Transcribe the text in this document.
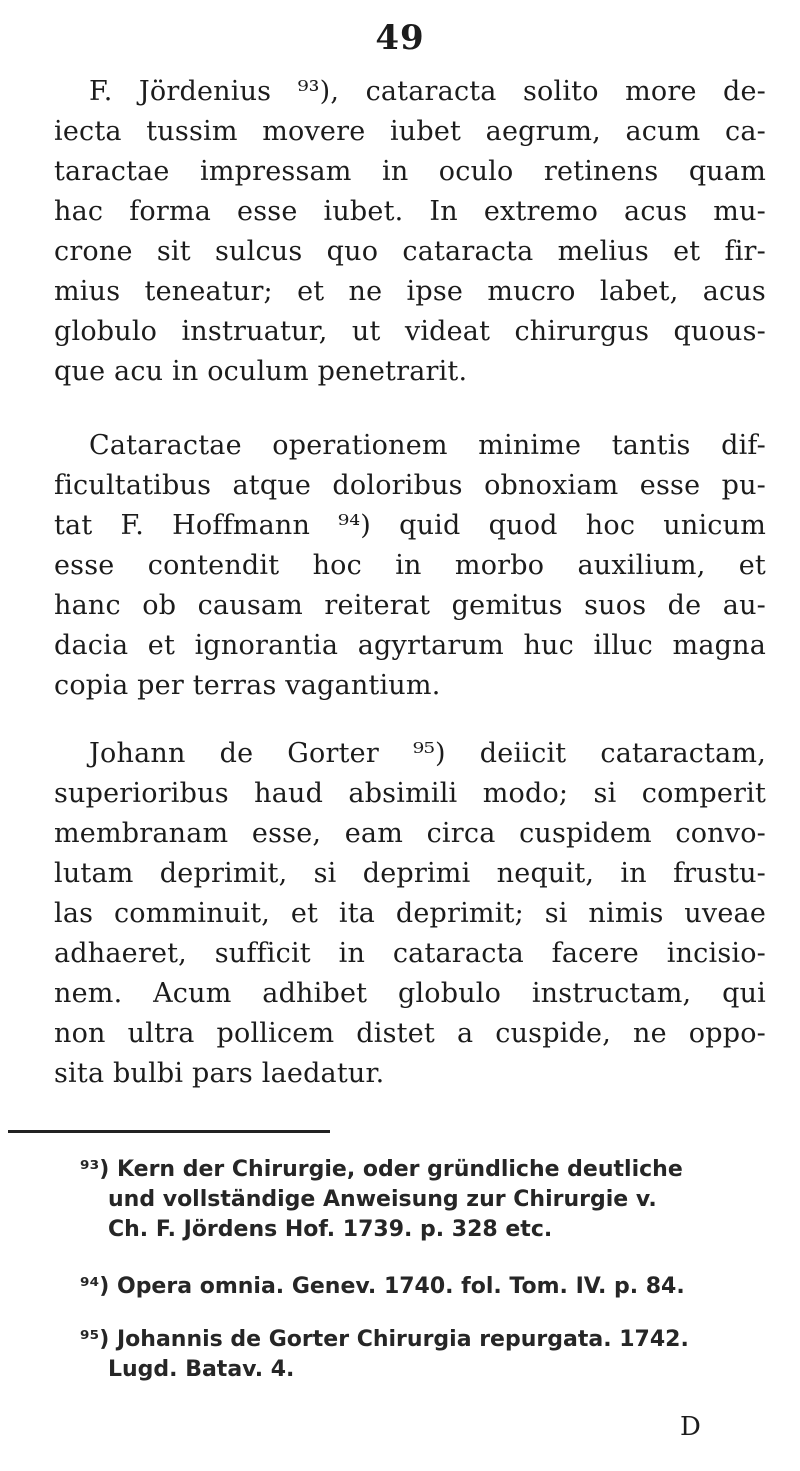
49
F. Jördenius ⁹³), cataracta solito more de-
iecta tussim movere iubet aegrum, acum ca-
taractae impressam in oculo retinens quam
hac forma esse iubet. In extremo acus mu-
crone sit sulcus quo cataracta melius et fir-
mius teneatur; et ne ipse mucro labet, acus
globulo instruatur, ut videat chirurgus quous-
que acu in oculum penetrarit.
Cataractae operationem minime tantis dif-
ficultatibus atque doloribus obnoxiam esse pu-
tat F. Hoffmann ⁹⁴) quid quod hoc unicum
esse contendit hoc in morbo auxilium, et
hanc ob causam reiterat gemitus suos de au-
dacia et ignorantia agyrtarum huc illuc magna
copia per terras vagantium.
Johann de Gorter ⁹⁵) deiicit cataractam,
superioribus haud absimili modo; si comperit
membranam esse, eam circa cuspidem convo-
lutam deprimit, si deprimi nequit, in frustu-
las comminuit, et ita deprimit; si nimis uveae
adhaeret, sufficit in cataracta facere incisio-
nem. Acum adhibet globulo instructam, qui
non ultra pollicem distet a cuspide, ne oppo-
sita bulbi pars laedatur.
⁹³) Kern der Chirurgie, oder gründliche deutliche
und vollständige Anweisung zur Chirurgie v.
Ch. F. Jördens Hof. 1739. p. 328 etc.
⁹⁴) Opera omnia. Genev. 1740. fol. Tom. IV. p. 84.
⁹⁵) Johannis de Gorter Chirurgia repurgata. 1742.
Lugd. Batav. 4.
D
